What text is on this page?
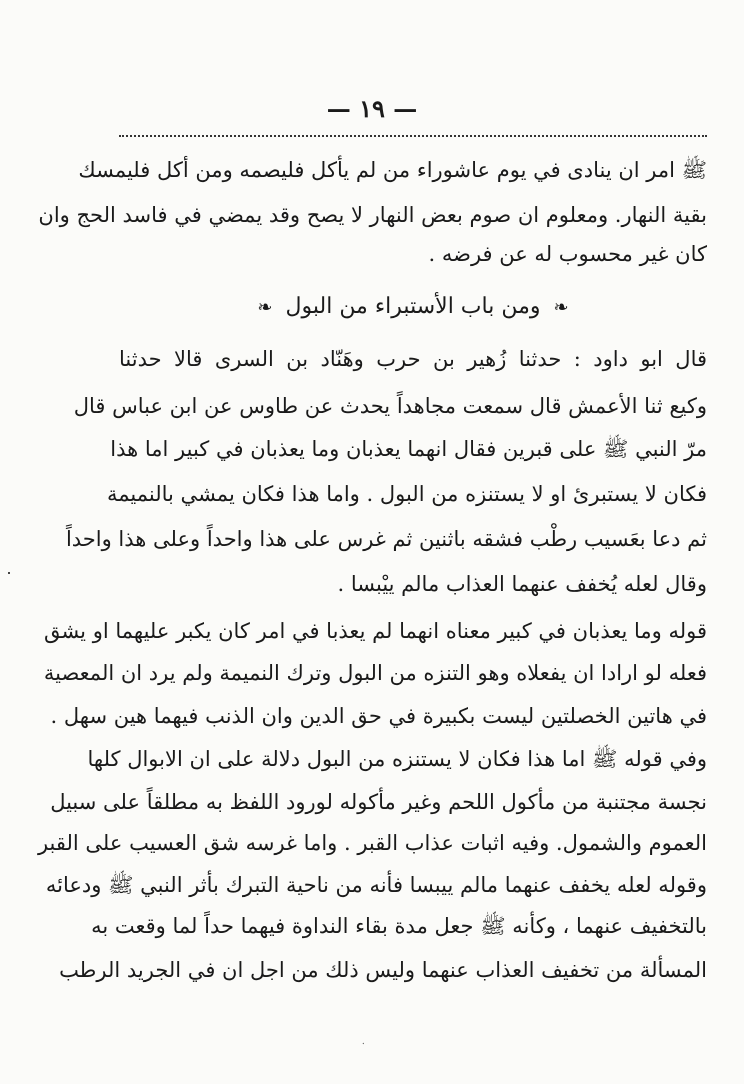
— ١٩ —
ﷺ امر ان ينادى في يوم عاشوراء من لم يأكل فليصمه ومن أكل فليمسك
بقية النهار. ومعلوم ان صوم بعض النهار لا يصح وقد يمضي في فاسد الحج وان
كان غير محسوب له عن فرضه .
❧ ومن باب الأستبراء من البول ❧
قال ابو داود : حدثنا زُهير بن حرب وهَنّاد بن السرى قالا حدثنا
وكيع ثنا الأعمش قال سمعت مجاهداً يحدث عن طاوس عن ابن عباس قال
مرّ النبي ﷺ على قبرين فقال انهما يعذبان وما يعذبان في كبير اما هذا
فكان لا يستبرئ او لا يستنزه من البول . واما هذا فكان يمشي بالنميمة
ثم دعا بعَسيب رطْب فشقه باثنين ثم غرس على هذا واحداً وعلى هذا واحداً
وقال لعله يُخفف عنهما العذاب مالم ييْبسا .
قوله وما يعذبان في كبير معناه انهما لم يعذبا في امر كان يكبر عليهما او يشق
فعله لو ارادا ان يفعلاه وهو التنزه من البول وترك النميمة ولم يرد ان المعصية
في هاتين الخصلتين ليست بكبيرة في حق الدين وان الذنب فيهما هين سهل .
وفي قوله ﷺ اما هذا فكان لا يستنزه من البول دلالة على ان الابوال كلها
نجسة مجتنبة من مأكول اللحم وغير مأكوله لورود اللفظ به مطلقاً على سبيل
العموم والشمول. وفيه اثبات عذاب القبر . واما غرسه شق العسيب على القبر
وقوله لعله يخفف عنهما مالم ييبسا فأنه من ناحية التبرك بأثر النبي ﷺ ودعائه
بالتخفيف عنهما ، وكأنه ﷺ جعل مدة بقاء النداوة فيهما حداً لما وقعت به
المسألة من تخفيف العذاب عنهما وليس ذلك من اجل ان في الجريد الرطب
⸱
